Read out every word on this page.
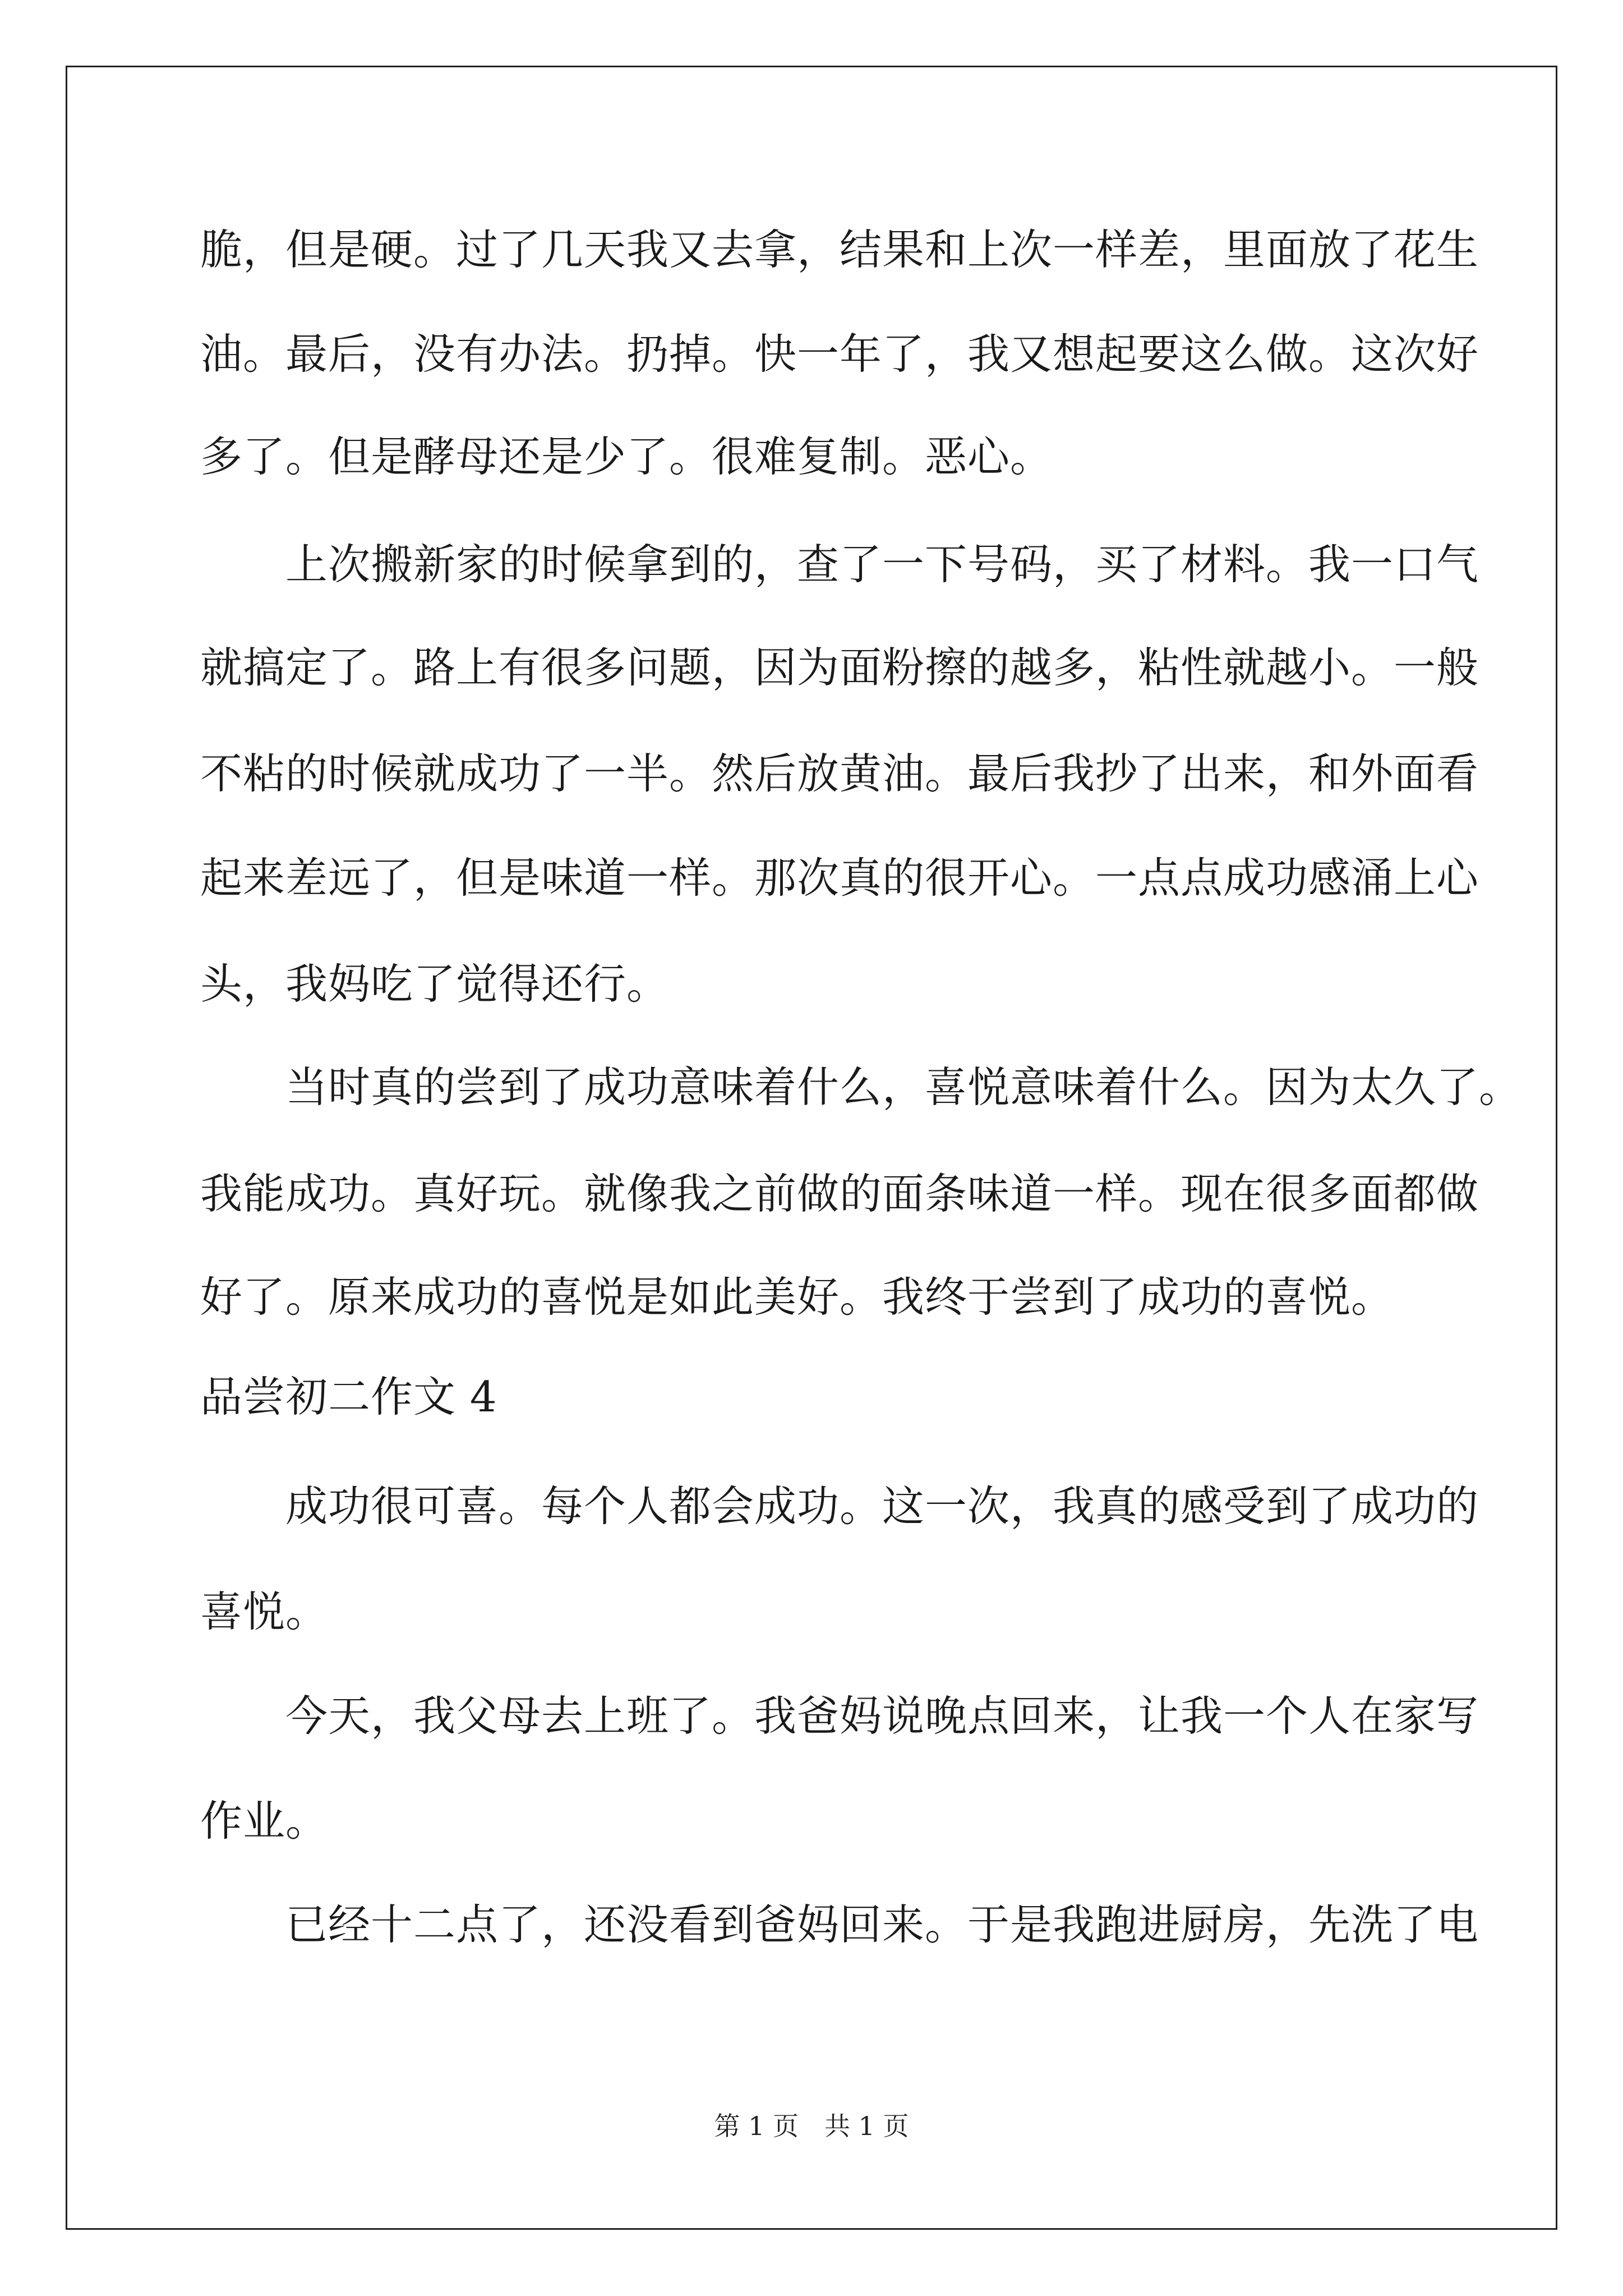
脆，但是硬。过了几天我又去拿，结果和上次一样差，里面放了花生
油。最后，没有办法。扔掉。快一年了，我又想起要这么做。这次好
多了。但是酵母还是少了。很难复制。恶心。
　　上次搬新家的时候拿到的，查了一下号码，买了材料。我一口气
就搞定了。路上有很多问题，因为面粉擦的越多，粘性就越小。一般
不粘的时候就成功了一半。然后放黄油。最后我抄了出来，和外面看
起来差远了，但是味道一样。那次真的很开心。一点点成功感涌上心
头，我妈吃了觉得还行。
　　当时真的尝到了成功意味着什么，喜悦意味着什么。因为太久了。
我能成功。真好玩。就像我之前做的面条味道一样。现在很多面都做
好了。原来成功的喜悦是如此美好。我终于尝到了成功的喜悦。
品尝初二作文 4
　　成功很可喜。每个人都会成功。这一次，我真的感受到了成功的
喜悦。
　　今天，我父母去上班了。我爸妈说晚点回来，让我一个人在家写
作业。
　　已经十二点了，还没看到爸妈回来。于是我跑进厨房，先洗了电
第 1 页　共 1 页
